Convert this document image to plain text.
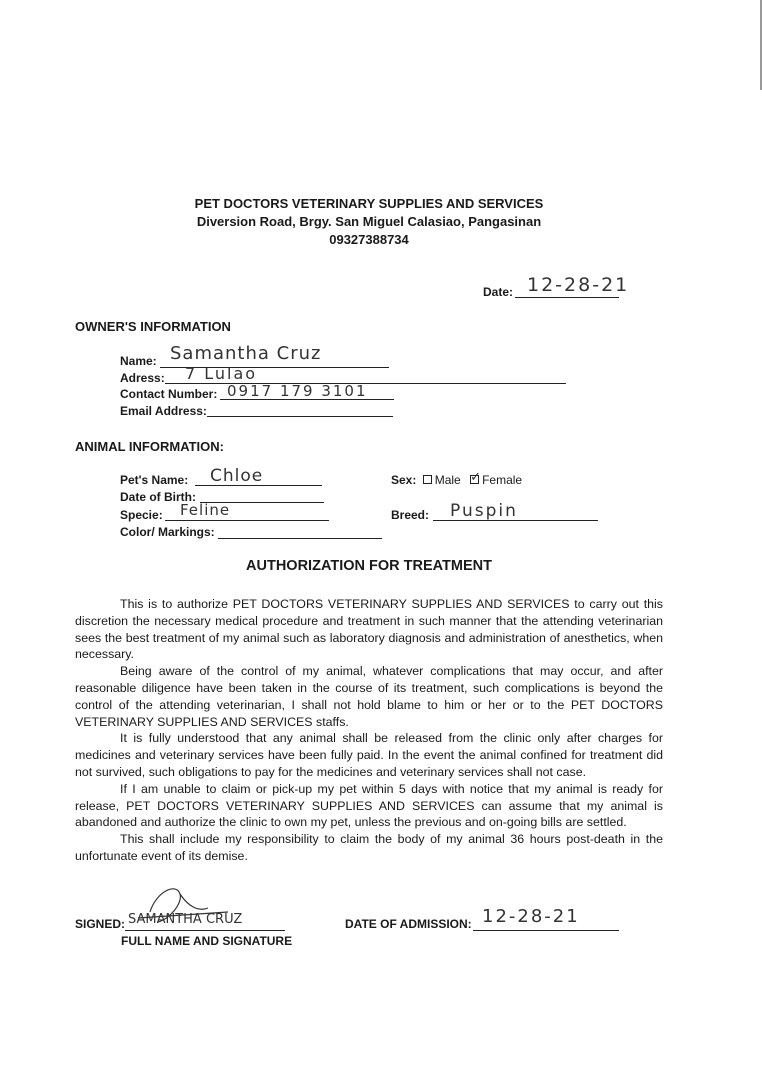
PET DOCTORS VETERINARY SUPPLIES AND SERVICES
Diversion Road, Brgy. San Miguel Calasiao, Pangasinan
09327388734
Date: 12-28-21
OWNER'S INFORMATION
Name: Samantha Cruz
Adress: 7 Lulao
Contact Number: 0917 179 3101
Email Address:
ANIMAL INFORMATION:
Pet's Name: Chloe
Date of Birth:
Specie: Feline
Color/ Markings:
Sex: Male ✓ Female
Breed: Puspin
AUTHORIZATION FOR TREATMENT
This is to authorize PET DOCTORS VETERINARY SUPPLIES AND SERVICES to carry out this discretion the necessary medical procedure and treatment in such manner that the attending veterinarian sees the best treatment of my animal such as laboratory diagnosis and administration of anesthetics, when necessary.
Being aware of the control of my animal, whatever complications that may occur, and after reasonable diligence have been taken in the course of its treatment, such complications is beyond the control of the attending veterinarian, I shall not hold blame to him or her or to the PET DOCTORS VETERINARY SUPPLIES AND SERVICES staffs.
It is fully understood that any animal shall be released from the clinic only after charges for medicines and veterinary services have been fully paid. In the event the animal confined for treatment did not survived, such obligations to pay for the medicines and veterinary services shall not case.
If I am unable to claim or pick-up my pet within 5 days with notice that my animal is ready for release, PET DOCTORS VETERINARY SUPPLIES AND SERVICES can assume that my animal is abandoned and authorize the clinic to own my pet, unless the previous and on-going bills are settled.
This shall include my responsibility to claim the body of my animal 36 hours post-death in the unfortunate event of its demise.
SIGNED: SAMANTHA CRUZ
FULL NAME AND SIGNATURE
DATE OF ADMISSION: 12-28-21
